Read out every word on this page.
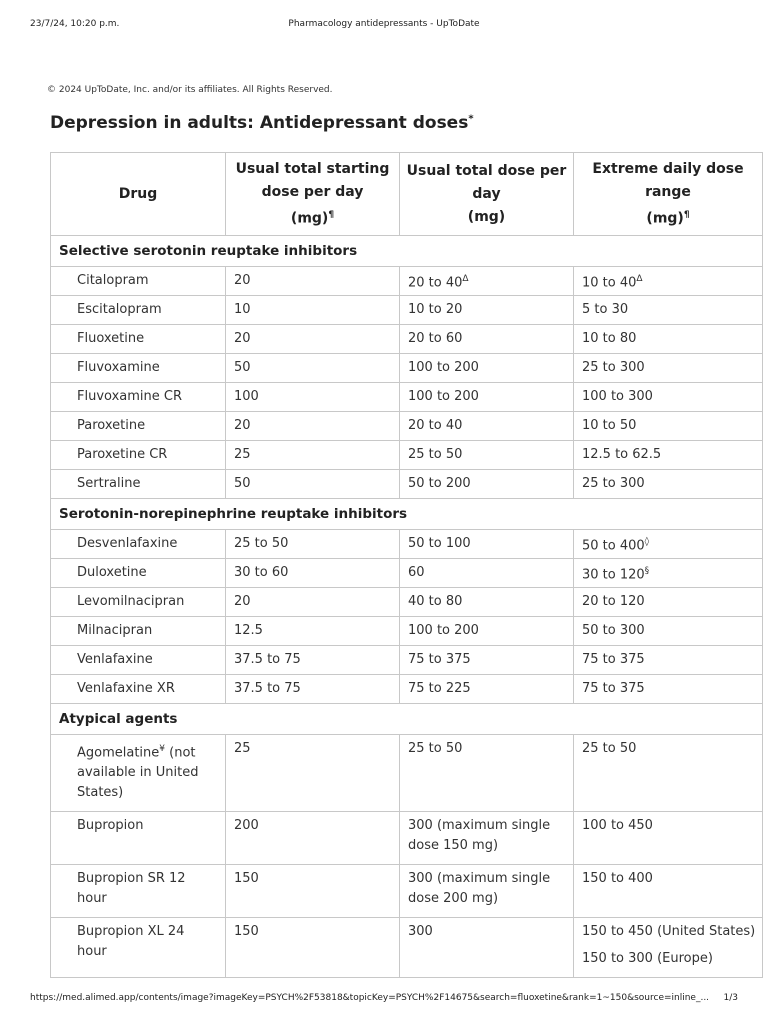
23/7/24, 10:20 p.m.	Pharmacology antidepressants - UpToDate
© 2024 UpToDate, Inc. and/or its affiliates. All Rights Reserved.
Depression in adults: Antidepressant doses*
Drug	Usual total starting
dose per day
(mg)¶	Usual total dose per
day
(mg)	Extreme daily dose
range
(mg)¶
Selective serotonin reuptake inhibitors			
Citalopram	20	20 to $40^\Delta$	10 to $40^\Delta$
Escitalopram	10	10 to 20	5 to 30
Fluoxetine	20	20 to 60	10 to 80
Fluvoxamine	50	100 to 200	25 to 300
Fluvoxamine CR	100	100 to 200	100 to 300
Paroxetine	20	20 to 40	10 to 50
Paroxetine CR	25	25 to 50	12.5 to 62.5
Sertraline	50	50 to 200	25 to 300
Serotonin-norepinephrine reuptake inhibitors			
Desvenlafaxine	25 to 50	50 to 100	50 to 400◊
Duloxetine	30 to 60	60	30 to 120§
Levomilnacipran	20	40 to 80	20 to 120
Milnacipran	12.5	100 to 200	50 to 300
Venlafaxine	37.5 to 75	75 to 375	75 to 375
Venlafaxine XR	37.5 to 75	75 to 225	75 to 375
Atypical agents			
Agomelatine¥ (not
available in United
States)	25	25 to 50	25 to 50
Bupropion	200	300 (maximum single
dose 150 mg)	100 to 450
Bupropion SR 12 hour	150	300 (maximum single
dose 200 mg)	150 to 400
Bupropion XL 24 hour	150	300	150 to 450 (United States)
150 to 300 (Europe)
https://med.alimed.app/contents/image?imageKey=PSYCH%2F53818&topicKey=PSYCH%2F14675&search=fluoxetine&rank=1~150&source=inline_... 1/3
